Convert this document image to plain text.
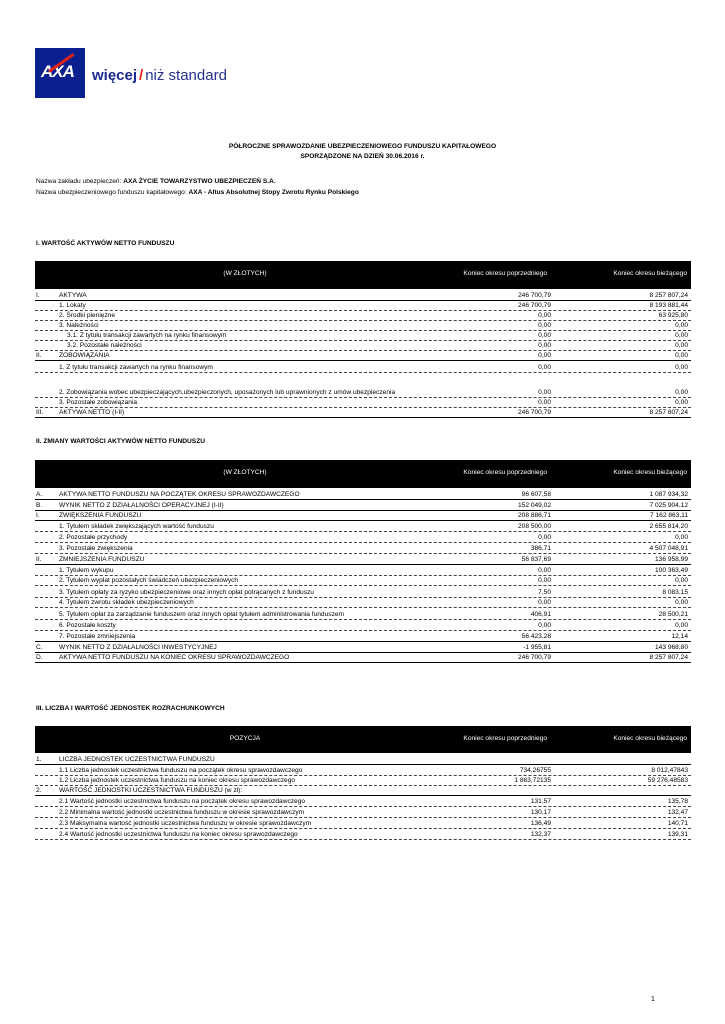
AXA więcej / niż standard
PÓŁROCZNE SPRAWOZDANIE UBEZPIECZENIOWEGO FUNDUSZU KAPITAŁOWEGO
SPORZĄDZONE NA DZIEŃ 30.06.2016 r.
Nazwa zakładu ubezpieczeń: AXA ŻYCIE TOWARZYSTWO UBEZPIECZEŃ S.A.
Nazwa ubezpieczeniowego funduszu kapitałowego: AXA - Altus Absolutnej Stopy Zwrotu Rynku Polskiego
I. WARTOŚĆ AKTYWÓW NETTO FUNDUSZU
II. ZMIANY WARTOŚCI AKTYWÓW NETTO FUNDUSZU
III. LICZBA I WARTOŚĆ JEDNOSTEK ROZRACHUNKOWYCH
(W ZŁOTYCH)	Koniec okresu poprzedniego	Koniec okresu bieżącego
(W ZŁOTYCH)	Koniec okresu poprzedniego	Koniec okresu bieżącego
POZYCJA	Koniec okresu poprzedniego	Koniec okresu bieżącego
I.	AKTYWA	246 700,79	8 257 807,24
1. Lokaty	246 700,79	8 193 881,44
2. Środki pieniężne	0,00	63 925,80
3. Należności	0,00	0,00
3.1. Z tytułu transakcji zawartych na rynku finansowym	0,00	0,00
3.2. Pozostałe należności	0,00	0,00
II.	ZOBOWIĄZANIA	0,00	0,00
1. Z tytułu transakcji zawartych na rynku finansowym	0,00	0,00
2. Zobowiązania wobec ubezpieczających,ubezpieczonych, uposażonych lub uprawnionych z umów ubezpieczenia	0,00	0,00
3. Pozostałe zobowiązania	0,00	0,00
III. AKTYWA NETTO (I-II)	246 700,79	8 257 807,24
A.	AKTYWA NETTO FUNDUSZU NA POCZĄTEK OKRESU SPRAWOZDAWCZEGO	96 607,58	1 087 934,32
B.	WYNIK NETTO Z DZIAŁALNOŚCI OPERACYJNEJ (I-II)	152 049,02	7 025 904,12
I.	ZWIĘKSZENIA FUNDUSZU	208 886,71	7 162 863,11
1. Tytułem składek zwiększających wartość funduszu	208 500,00	2 655 814,20
2. Pozostałe przychody	0,00	0,00
3. Pozostałe zwiększenia	386,71	4 507 048,91
II.	ZMNIEJSZENIA FUNDUSZU	56 837,69	136 958,99
1. Tytułem wykupu	0,00	100 363,49
2. Tytułem wypłat pozostałych świadczeń ubezpieczeniowych	0,00	0,00
3. Tytułem opłaty za ryzyko ubezpieczeniowe oraz innych opłat potrącanych z funduszu	7,50	8 083,15
4. Tytułem zwrotu składek ubezpieczeniowych	0,00	0,00
5. Tytułem opłat za zarządzanie funduszem oraz innych opłat tytułem administrowania funduszem	406,91	28 500,21
6. Pozostałe koszty	0,00	0,00
7. Pozostałe zmniejszenia	56 423,28	12,14
C. WYNIK NETTO Z DZIAŁALNOŚCI INWESTYCYJNEJ	-1 955,81	143 968,80
D. AKTYWA NETTO FUNDUSZU NA KONIEC OKRESU SPRAWOZDAWCZEGO	246 700,79	8 257 807,24
1.	LICZBA JEDNOSTEK UCZESTNICTWA FUNDUSZU
1.1 Liczba jednostek uczestnictwa funduszu na początek okresu sprawozdawczego	734,26755	8 012,47843
1.2 Liczba jednostek uczestnictwa funduszu na koniec okresu sprawozdawczego	1 863,72135	59 276,48583
2.	WARTOŚĆ JEDNOSTKI UCZESTNICTWA FUNDUSZU (w zł):
2.1 Wartość jednostki uczestnictwa funduszu na początek okresu sprawozdawczego	131,57	135,78
2.2 Minimalna wartość jednostki uczestnictwa funduszu w okresie sprawozdawczym	130,17	132,47
2.3 Maksymalna wartość jednostki uczestnictwa funduszu w okresie sprawozdawczym	136,49	140,71
2.4 Wartość jednostki uczestnictwa funduszu na koniec okresu sprawozdawczego	132,37	139,31
1
